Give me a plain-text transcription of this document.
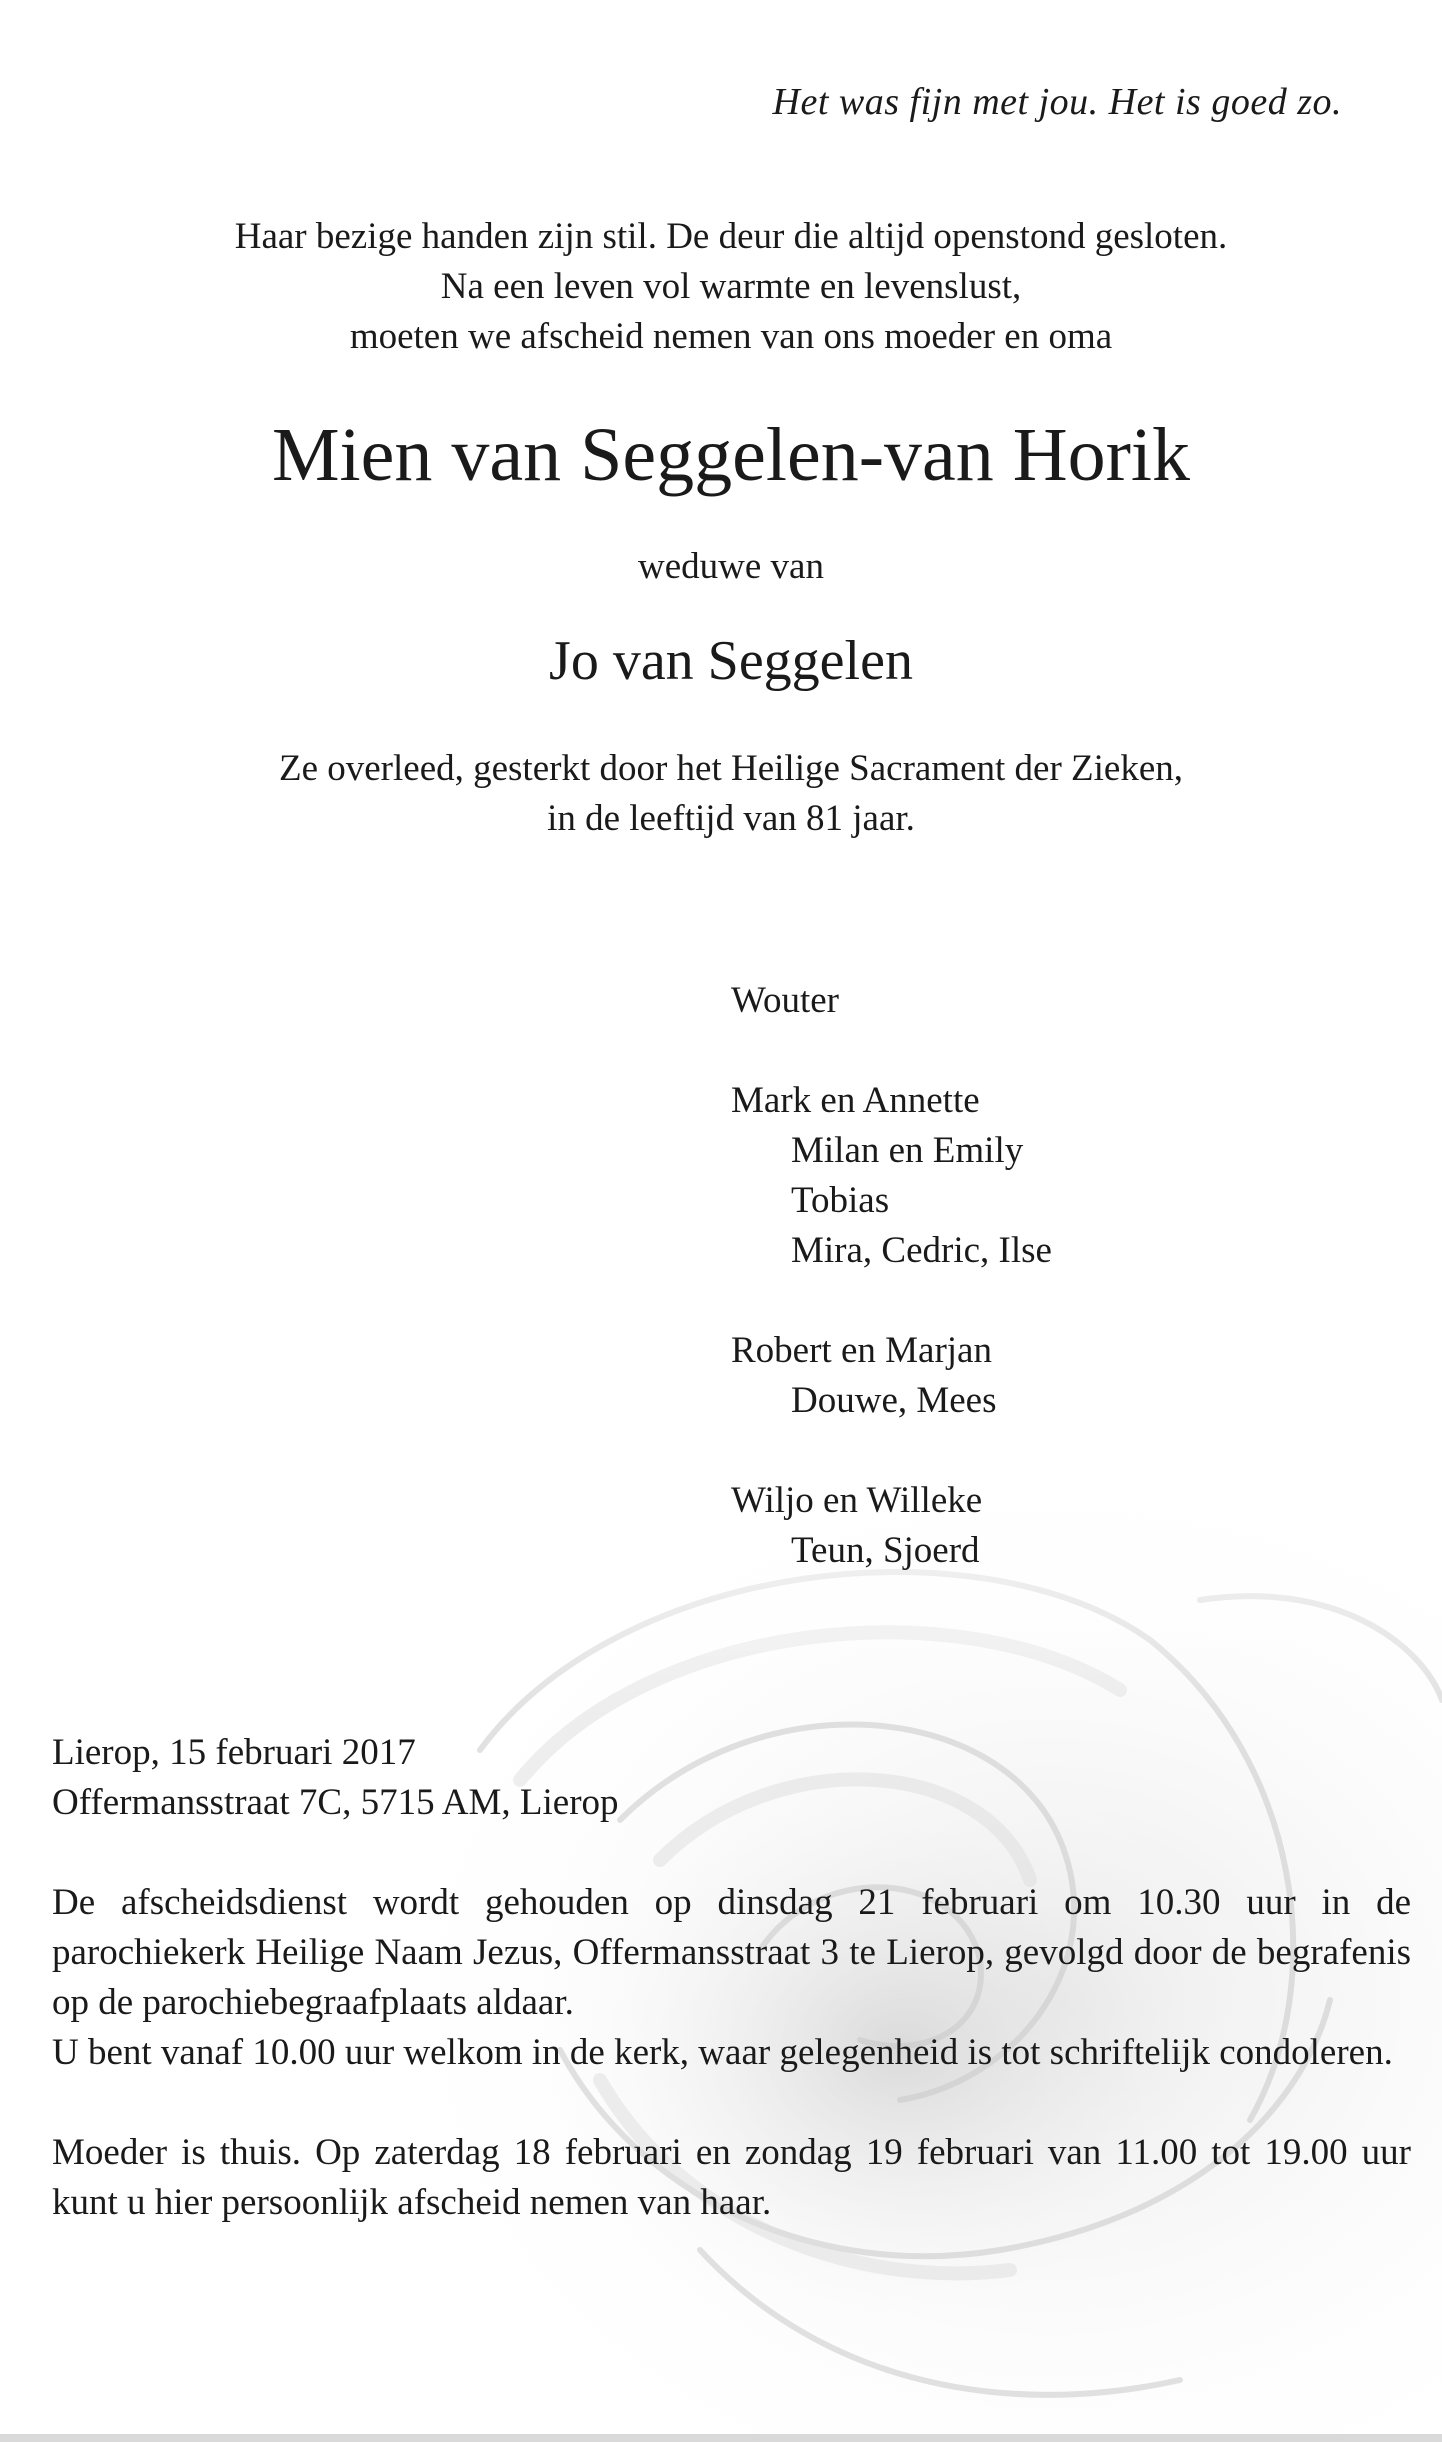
Het was fijn met jou. Het is goed zo.
Haar bezige handen zijn stil. De deur die altijd openstond gesloten.
Na een leven vol warmte en levenslust,
moeten we afscheid nemen van ons moeder en oma
Mien van Seggelen-van Horik
weduwe van
Jo van Seggelen
Ze overleed, gesterkt door het Heilige Sacrament der Zieken,
in de leeftijd van 81 jaar.
Wouter
Mark en Annette
Milan en Emily
Tobias
Mira, Cedric, Ilse
Robert en Marjan
Douwe, Mees
Wiljo en Willeke
Teun, Sjoerd
Lierop, 15 februari 2017
Offermansstraat 7C, 5715 AM, Lierop

De afscheidsdienst wordt gehouden op dinsdag 21 februari om 10.30 uur in de parochiekerk Heilige Naam Jezus, Offermansstraat 3 te Lierop, gevolgd door de begrafenis op de parochiebegraafplaats aldaar.

U bent vanaf 10.00 uur welkom in de kerk, waar gelegenheid is tot schriftelijk condoleren.

Moeder is thuis. Op zaterdag 18 februari en zondag 19 februari van 11.00 tot 19.00 uur kunt u hier persoonlijk afscheid nemen van haar.
